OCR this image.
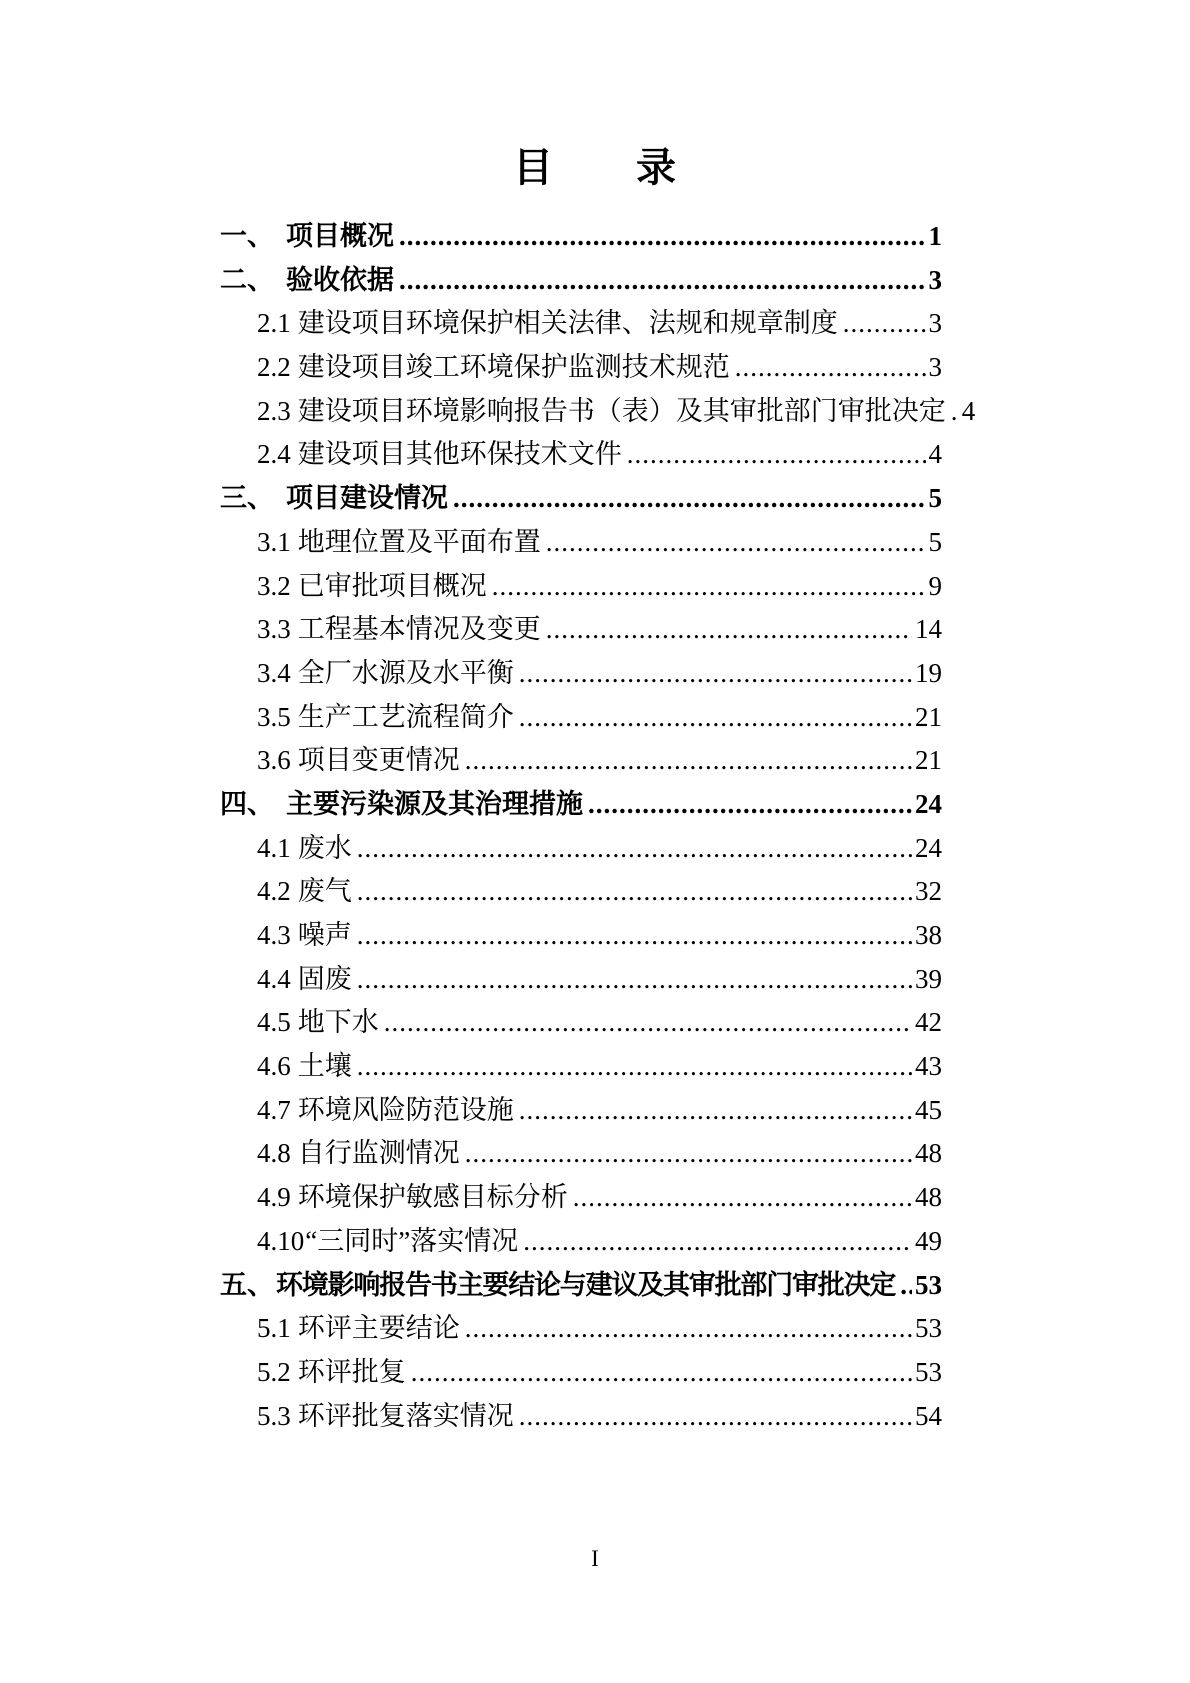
目　　录
一、 项目概况 .....	1
二、 验收依据 .....	3
2.1 建设项目环境保护相关法律、法规和规章制度 .....	3
2.2 建设项目竣工环境保护监测技术规范 .....	3
2.3 建设项目环境影响报告书（表）及其审批部门审批决定 ..... 4
2.4 建设项目其他环保技术文件 .....	4
三、 项目建设情况 .....	5
3.1 地理位置及平面布置 .....	5
3.2 已审批项目概况 .....	9
3.3 工程基本情况及变更 .....	14
3.4 全厂水源及水平衡 .....	19
3.5 生产工艺流程简介 .....	21
3.6 项目变更情况 .....	21
四、 主要污染源及其治理措施 .....	24
4.1 废水 .....	24
4.2 废气 .....	32
4.3 噪声 .....	38
4.4 固废 .....	39
4.5 地下水 .....	42
4.6 土壤 .....	43
4.7 环境风险防范设施 .....	45
4.8 自行监测情况 .....	48
4.9 环境保护敏感目标分析 .....	48
4.10 “三同时”落实情况 .....	49
五、 环境影响报告书主要结论与建议及其审批部门审批决定 ..... 53
5.1 环评主要结论 .....	53
5.2 环评批复 .....	53
5.3 环评批复落实情况 .....	54
I
